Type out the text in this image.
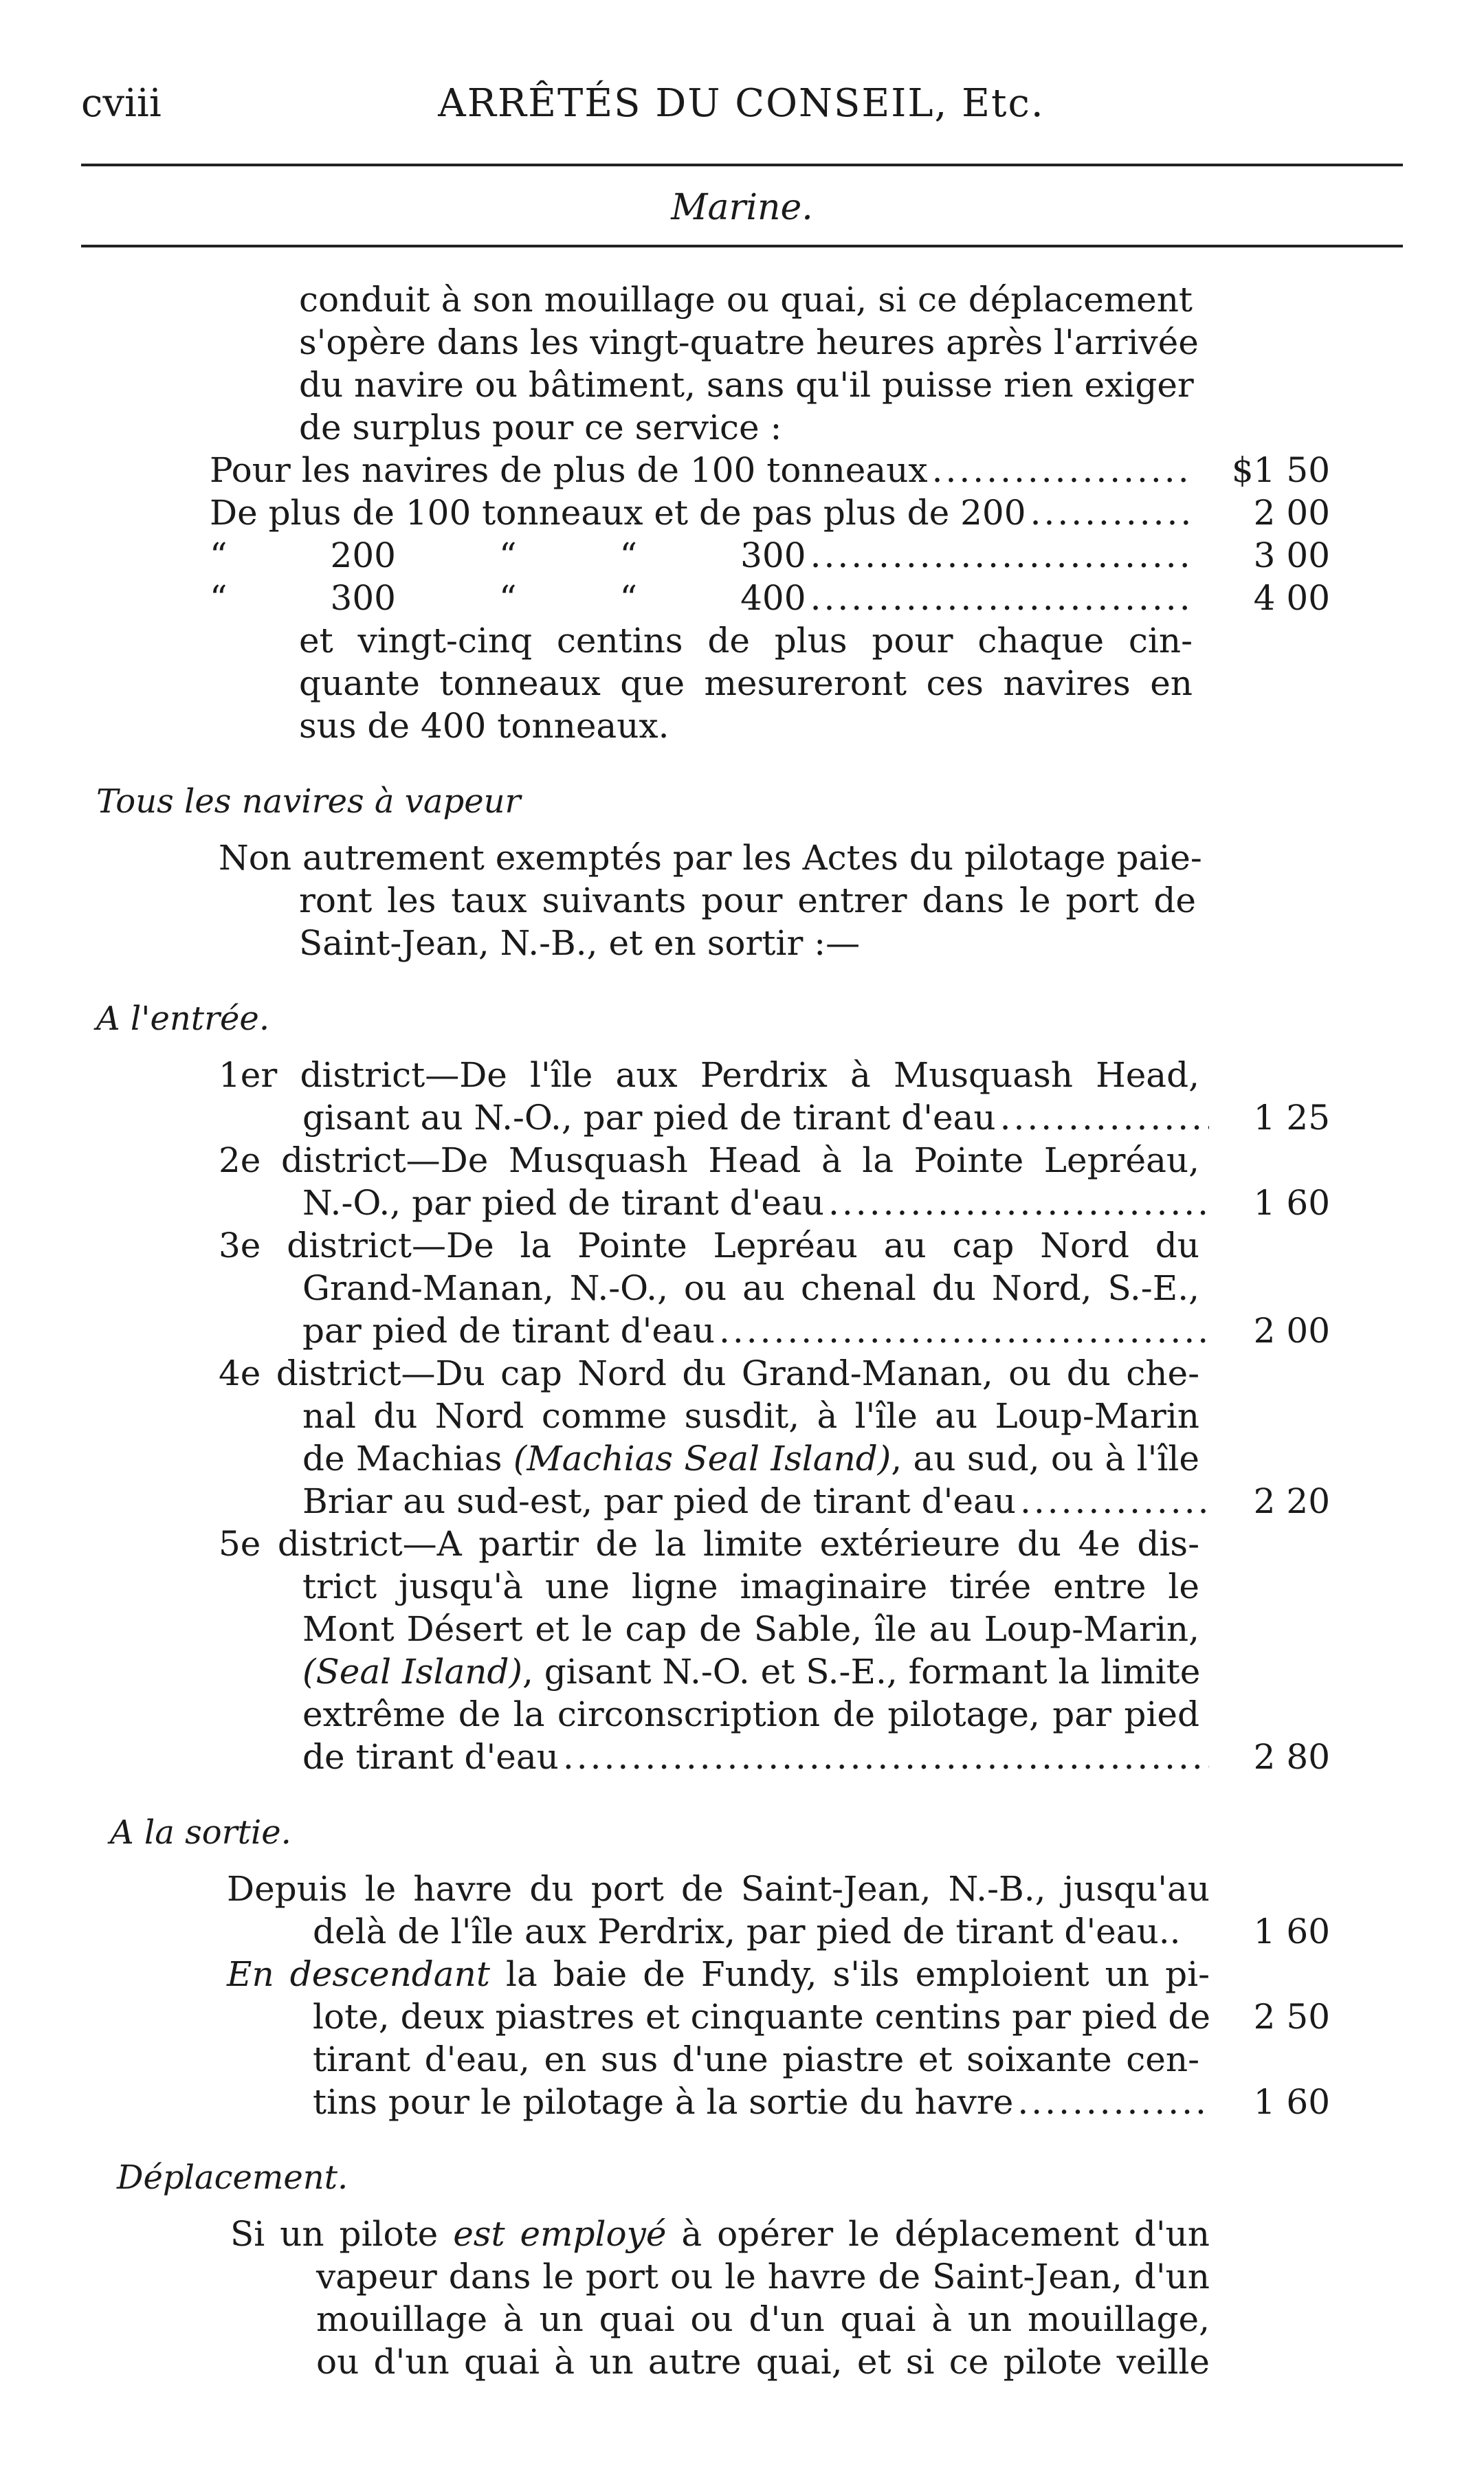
cviii	ARRÊTÉS DU CONSEIL, Etc.
Marine.
conduit à son mouillage ou quai, si ce déplacement
s'opère dans les vingt-quatre heures après l'arrivée
du navire ou bâtiment, sans qu'il puisse rien exiger
de surplus pour ce service :
Pour les navires de plus de 100 tonneaux .....	$1 50
De plus de 100 tonneaux et de pas plus de 200 .....	2 00
“   200   “   “   300 .....	3 00
“   300   “   “   400 .....	4 00
et vingt-cinq centins de plus pour chaque cin-
quante tonneaux que mesureront ces navires en
sus de 400 tonneaux.
Tous les navires à vapeur
Non autrement exemptés par les Actes du pilotage paie-
ront les taux suivants pour entrer dans le port de
Saint-Jean, N.-B., et en sortir :—
A l'entrée.
1er district—De l'île aux Perdrix à Musquash Head,
gisant au N.-O., par pied de tirant d'eau .....	1 25
2e district—De Musquash Head à la Pointe Lepréau,
N.-O., par pied de tirant d'eau .....	1 60
3e district—De la Pointe Lepréau au cap Nord du
Grand-Manan, N.-O., ou au chenal du Nord, S.-E.,
par pied de tirant d'eau .....	2 00
4e district—Du cap Nord du Grand-Manan, ou du che-
nal du Nord comme susdit, à l'île au Loup-Marin
de Machias (Machias Seal Island), au sud, ou à l'île
Briar au sud-est, par pied de tirant d'eau .....	2 20
5e district—A partir de la limite extérieure du 4e dis-
trict jusqu'à une ligne imaginaire tirée entre le
Mont Désert et le cap de Sable, île au Loup-Marin,
(Seal Island), gisant N.-O. et S.-E., formant la limite
extrême de la circonscription de pilotage, par pied
de tirant d'eau .....	2 80
A la sortie.
Depuis le havre du port de Saint-Jean, N.-B., jusqu'au
delà de l'île aux Perdrix, par pied de tirant d'eau..	1 60
En descendant la baie de Fundy, s'ils emploient un pi-
lote, deux piastres et cinquante centins par pied de	2 50
tirant d'eau, en sus d'une piastre et soixante cen-
tins pour le pilotage à la sortie du havre .....	1 60
Déplacement.
Si un pilote est employé à opérer le déplacement d'un
vapeur dans le port ou le havre de Saint-Jean, d'un
mouillage à un quai ou d'un quai à un mouillage,
ou d'un quai à un autre quai, et si ce pilote veille
